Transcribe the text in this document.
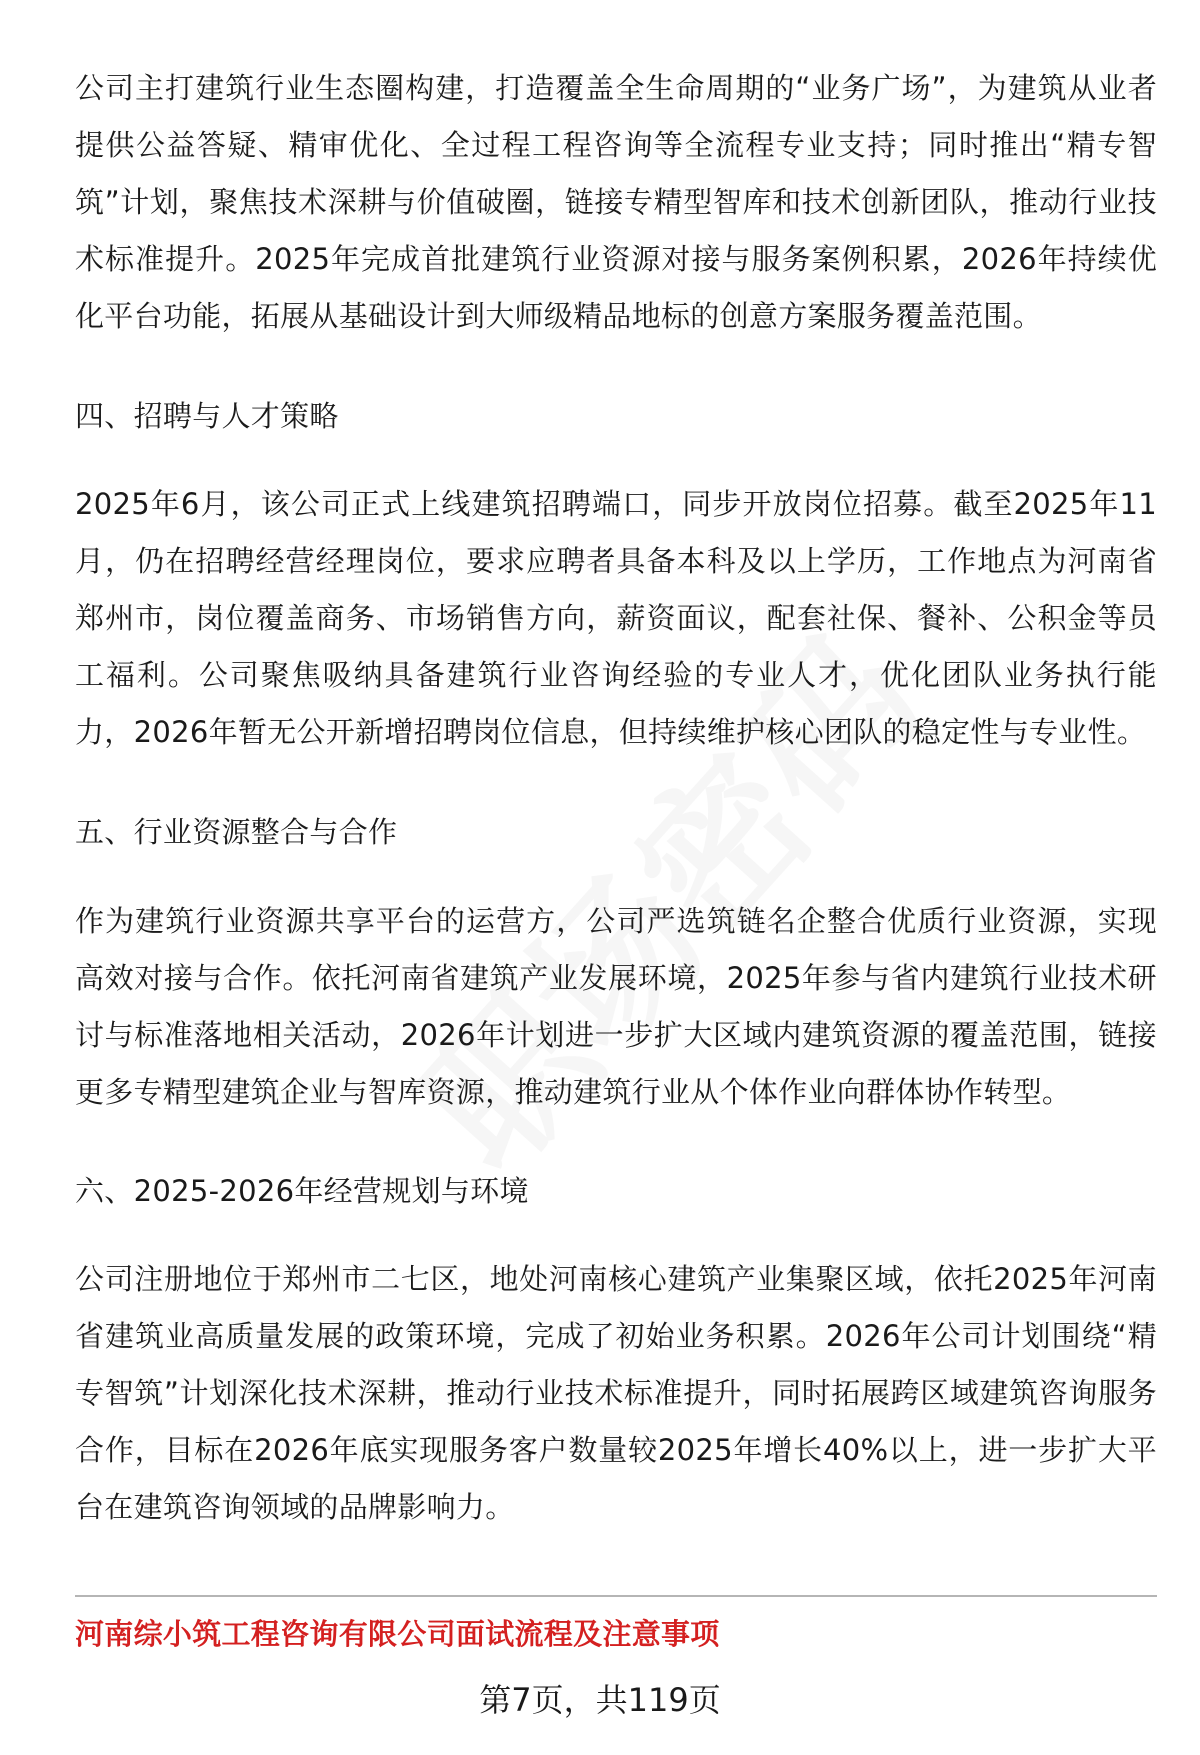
公司主打建筑行业生态圈构建，打造覆盖全生命周期的“业务广场”，为建筑从业者提供公益答疑、精审优化、全过程工程咨询等全流程专业支持；同时推出“精专智筑”计划，聚焦技术深耕与价值破圈，链接专精型智库和技术创新团队，推动行业技术标准提升。2025年完成首批建筑行业资源对接与服务案例积累，2026年持续优化平台功能，拓展从基础设计到大师级精品地标的创意方案服务覆盖范围。

四、招聘与人才策略

2025年6月，该公司正式上线建筑招聘端口，同步开放岗位招募。截至2025年11月，仍在招聘经营经理岗位，要求应聘者具备本科及以上学历，工作地点为河南省郑州市，岗位覆盖商务、市场销售方向，薪资面议，配套社保、餐补、公积金等员工福利。公司聚焦吸纳具备建筑行业咨询经验的专业人才，优化团队业务执行能力，2026年暂无公开新增招聘岗位信息，但持续维护核心团队的稳定性与专业性。

五、行业资源整合与合作

作为建筑行业资源共享平台的运营方，公司严选筑链名企整合优质行业资源，实现高效对接与合作。依托河南省建筑产业发展环境，2025年参与省内建筑行业技术研讨与标准落地相关活动，2026年计划进一步扩大区域内建筑资源的覆盖范围，链接更多专精型建筑企业与智库资源，推动建筑行业从个体作业向群体协作转型。

六、2025-2026年经营规划与环境

公司注册地位于郑州市二七区，地处河南核心建筑产业集聚区域，依托2025年河南省建筑业高质量发展的政策环境，完成了初始业务积累。2026年公司计划围绕“精专智筑”计划深化技术深耕，推动行业技术标准提升，同时拓展跨区域建筑咨询服务合作，目标在2026年底实现服务客户数量较2025年增长40%以上，进一步扩大平台在建筑咨询领域的品牌影响力。

河南综小筑工程咨询有限公司面试流程及注意事项
第7页，共119页
